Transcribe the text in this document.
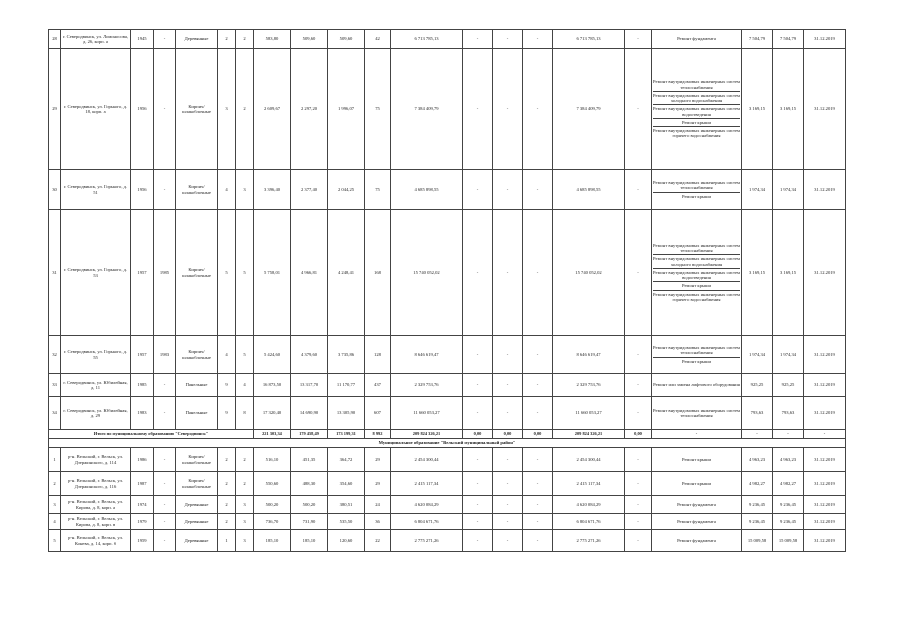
28	г. Северодвинск, ул. Ломоносова, д. 26, корп. а	1945	-	Деревянные	2	2	583,80	509,60	509,60	42	6 713 785,13	-	-	-	6 713 785,13	-	Ремонт фундамента	7 504,79	7 504,79	31.12.2019
29	г. Северодвинск, ул. Горького, д. 18, корп. а	1956	-	Кирпич/ шлакоблочные	3	2	2 609,67	2 297,20	1 996,07	75	7 384 409,79	-	-	-	7 384 409,79	-	Ремонт внутридомовых инженерных систем теплоснабжения
Ремонт внутридомовых инженерных систем холодного водоснабжения
Ремонт внутридомовых инженерных систем водоотведения
Ремонт крыши
Ремонт внутридомовых инженерных систем горячего водоснабжения	3 169,15	3 169,15	31.12.2019
30	г. Северодвинск, ул. Горького, д. 51	1956	-	Кирпич/ шлакоблочные	4	3	3 396,40	2 377,40	2 044,25	75	4 685 898,55	-	-	-	4 685 898,55	-	Ремонт внутридомовых инженерных систем теплоснабжения
Ремонт крыши	1 974,34	1 974,34	31.12.2019
31	г. Северодвинск, ул. Горького, д. 53	1957	1985	Кирпич/ шлакоблочные	5	5	5 758,01	4 966,81	4 248,41	168	15 740 052,02	-	-	-	15 740 052,02	-	Ремонт внутридомовых инженерных систем теплоснабжения
Ремонт внутридомовых инженерных систем холодного водоснабжения
Ремонт внутридомовых инженерных систем водоотведения
Ремонт крыши
Ремонт внутридомовых инженерных систем горячего водоснабжения	3 169,15	3 169,15	31.12.2019
32	г. Северодвинск, ул. Горького, д. 55	1957	1983	Кирпич/ шлакоблочные	4	5	5 424,60	4 379,60	3 735,86	128	8 646 619,47	-	-	-	8 646 619,47	-	Ремонт внутридомовых инженерных систем теплоснабжения
Ремонт крыши	1 974,34	1 974,34	31.12.2019
33	г. Северодвинск, ул. Юбилейная, д. 11	1985	-	Панельные	9	4	16 873,50	13 317,70	11 170,77	437	2 329 753,76	-	-	-	2 329 753,76	-	Ремонт или замена лифтового оборудования	925,25	925,25	31.12.2019
34	г. Северодвинск, ул. Юбилейная, д. 29	1983	-	Панельные	9	8	17 320,40	14 690,90	13 305,90	607	11 660 053,27	-	-	-	11 660 053,27	-	Ремонт внутридомовых инженерных систем теплоснабжения	793,63	793,63	31.12.2019
Итого по муниципальному образованию "Северодвинск"							221 303,34	179 458,49	173 199,31	8 992	209 824 326,21	0,00	0,00	0,00	209 824 326,21	0,00	-	-	-	-
Муниципальное образование "Вельский муниципальный район"																				
1	р-н. Вельский, г. Вельск, ул. Дзержинского, д. 114	1986	-	Кирпич/ шлакоблочные	2	2	516,10	451,35	364,72	29	2 454 300,44	-	-	-	2 454 300,44	-	Ремонт крыши	4 963,23	4 963,23	31.12.2019
2	р-н. Вельский, г. Вельск, ул. Дзержинского, д. 116	1987	-	Кирпич/ шлакоблочные	2	2	550,60	488,30	354,60	29	2 415 117,34	-	-	-	2 415 117,34	-	Ремонт крыши	4 982,27	4 982,27	31.12.2019
3	р-н. Вельский, г. Вельск, ул. Кирова, д. 8, корп. а	1974	-	Деревянные	2	3	500,20	500,20	380,51	24	4 620 084,29	-	-	-	4 620 084,29	-	Ремонт фундамента	9 236,45	9 236,45	31.12.2019
4	р-н. Вельский, г. Вельск, ул. Кирова, д. 8, корп. в	1979	-	Деревянные	2	3	736,70	731,90	535,50	36	6 804 671,76	-	-	-	6 804 671,76	-	Ремонт фундамента	9 236,45	9 236,45	31.12.2019
5	р-н. Вельский, г. Вельск, ул. Конева, д. 14, корп. б	1959	-	Деревянные	1	3	185,10	185,10	120,60	22	2 775 271,26	-	-	-	2 775 271,26	-	Ремонт фундамента	15 009,58	15 009,58	31.12.2019
